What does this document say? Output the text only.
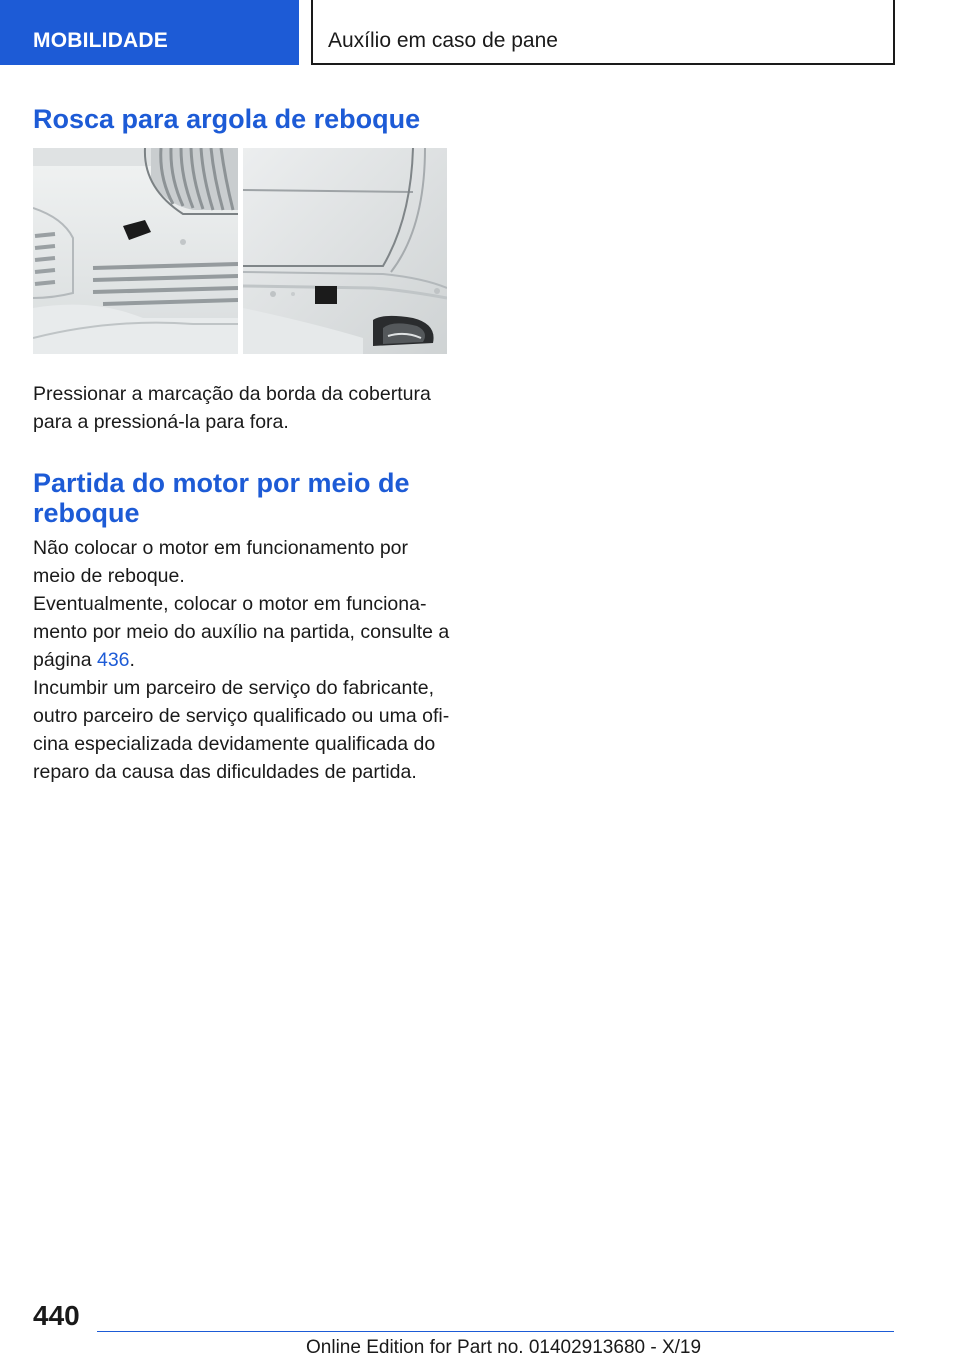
MOBILIDADE	Auxílio em caso de pane
Rosca para argola de reboque

Pressionar a marcação da borda da cobertura para a pressioná-la para fora.

Partida do motor por meio de reboque

Não colocar o motor em funcionamento por meio de reboque.

Eventualmente, colocar o motor em funciona‐mento por meio do auxílio na partida, consulte a página 436.

Incumbir um parceiro de serviço do fabricante, outro parceiro de serviço qualificado ou uma ofi‐cina especializada devidamente qualificada do reparo da causa das dificuldades de partida.

440
Online Edition for Part no. 01402913680 - X/19
